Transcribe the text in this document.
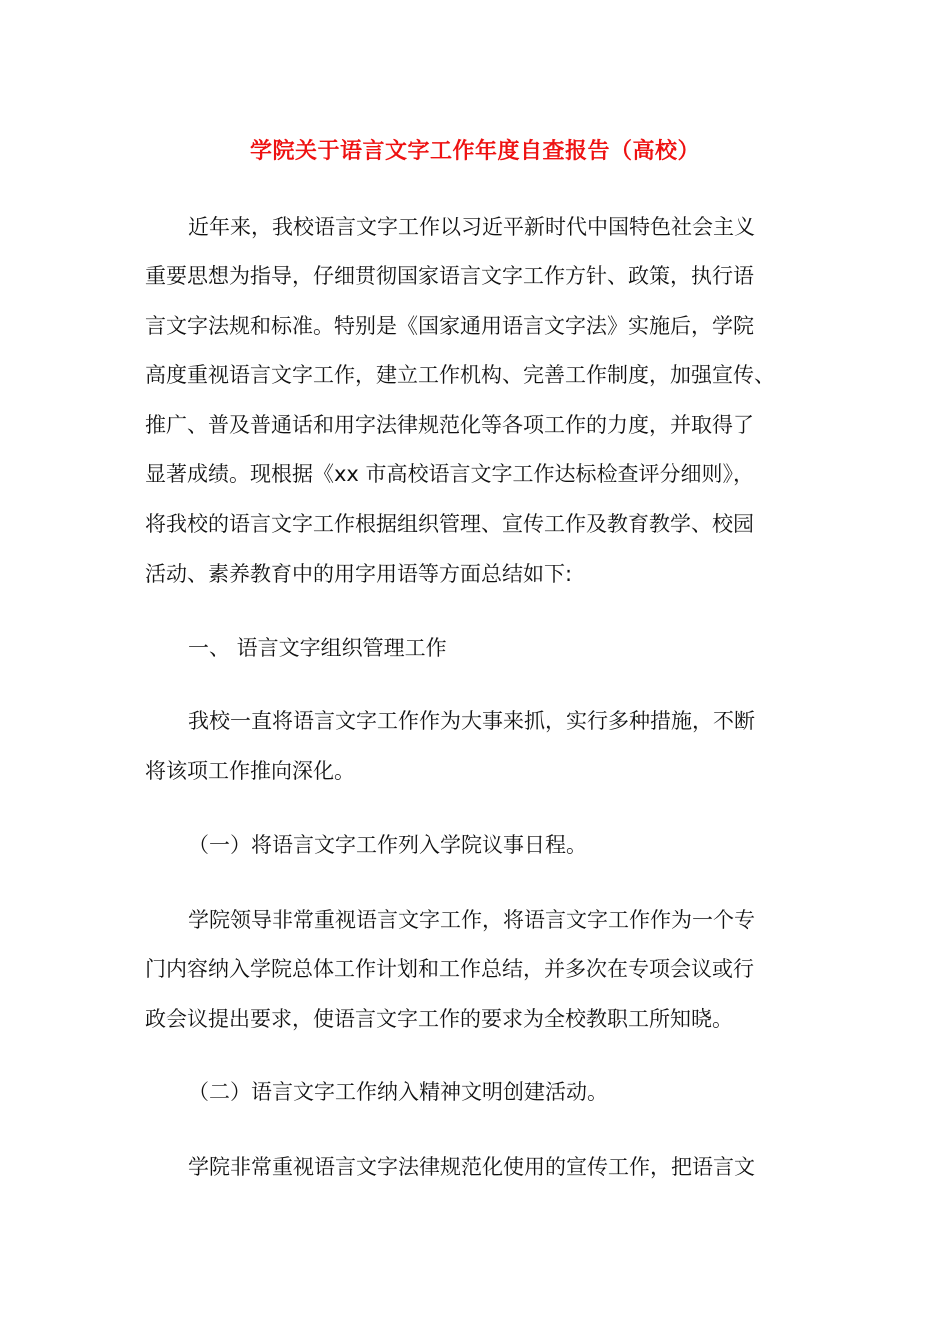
学院关于语言文字工作年度自查报告（高校）
近年来，我校语言文字工作以习近平新时代中国特色社会主义
重要思想为指导，仔细贯彻国家语言文字工作方针、政策，执行语
言文字法规和标准。特别是《国家通用语言文字法》实施后，学院
高度重视语言文字工作，建立工作机构、完善工作制度，加强宣传、
推广、普及普通话和用字法律规范化等各项工作的力度，并取得了
显著成绩。现根据《xx 市高校语言文字工作达标检查评分细则》，
将我校的语言文字工作根据组织管理、宣传工作及教育教学、校园
活动、素养教育中的用字用语等方面总结如下:
一、 语言文字组织管理工作
我校一直将语言文字工作作为大事来抓，实行多种措施，不断
将该项工作推向深化。
（一）将语言文字工作列入学院议事日程。
学院领导非常重视语言文字工作，将语言文字工作作为一个专
门内容纳入学院总体工作计划和工作总结，并多次在专项会议或行
政会议提出要求，使语言文字工作的要求为全校教职工所知晓。
（二）语言文字工作纳入精神文明创建活动。
学院非常重视语言文字法律规范化使用的宣传工作，把语言文
